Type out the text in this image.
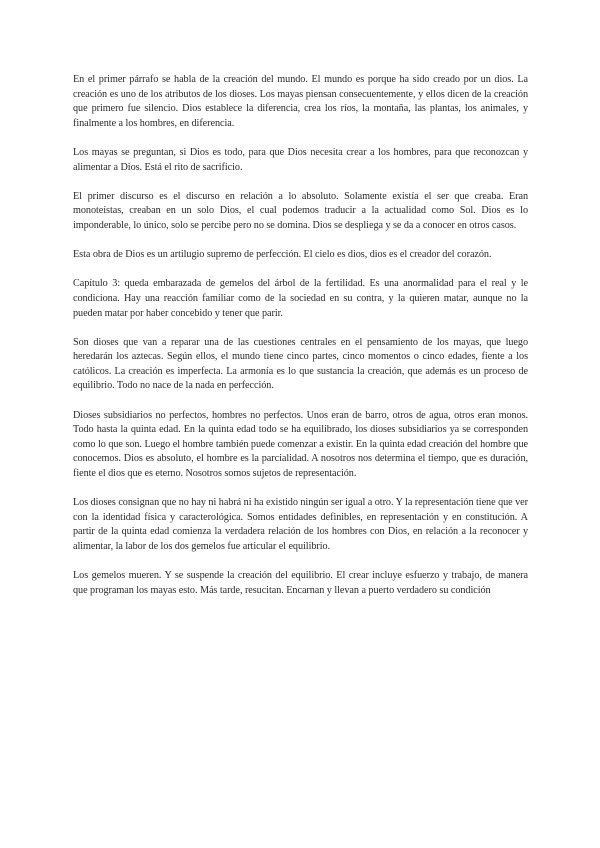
En el primer párrafo se habla de la creación del mundo. El mundo es porque ha sido creado por un dios. La creación es uno de los atributos de los dioses. Los mayas piensan consecuentemente, y ellos dicen de la creación que primero fue silencio. Dios establece la diferencia, crea los ríos, la montaña, las plantas, los animales, y finalmente a los hombres, en diferencia.

Los mayas se preguntan, si Dios es todo, para que Dios necesita crear a los hombres, para que reconozcan y alimentar a Dios. Está el rito de sacrificio.

El primer discurso es el discurso en relación a lo absoluto. Solamente existía el ser que creaba. Eran monoteístas, creaban en un solo Dios, el cual podemos traducir a la actualidad como Sol. Dios es lo imponderable, lo único, solo se percibe pero no se domina. Dios se despliega y se da a conocer en otros casos.

Esta obra de Dios es un artilugio supremo de perfección. El cielo es dios, dios es el creador del corazón.

Capítulo 3: queda embarazada de gemelos del árbol de la fertilidad. Es una anormalidad para el real y le condiciona. Hay una reacción familiar como de la sociedad en su contra, y la quieren matar, aunque no la pueden matar por haber concebido y tener que parir.

Son dioses que van a reparar una de las cuestiones centrales en el pensamiento de los mayas, que luego heredarán los aztecas. Según ellos, el mundo tiene cinco partes, cinco momentos o cinco edades, fiente a los católicos. La creación es imperfecta. La armonía es lo que sustancia la creación, que además es un proceso de equilibrio. Todo no nace de la nada en perfección.

Dioses subsidiarios no perfectos, hombres no perfectos. Unos eran de barro, otros de agua, otros eran monos. Todo hasta la quinta edad. En la quinta edad todo se ha equilibrado, los dioses subsidiarios ya se corresponden como lo que son. Luego el hombre también puede comenzar a existir. En la quinta edad creación del hombre que conocemos. Dios es absoluto, el hombre es la parcialidad. A nosotros nos determina el tiempo, que es duración, fiente el dios que es eterno. Nosotros somos sujetos de representación.

Los dioses consignan que no hay ni habrá ni ha existido ningún ser igual a otro. Y la representación tiene que ver con la identidad física y caracterológica. Somos entidades definibles, en representación y en constitución. A partir de la quinta edad comienza la verdadera relación de los hombres con Dios, en relación a la reconocer y alimentar, la labor de los dos gemelos fue articular el equilibrio.

Los gemelos mueren. Y se suspende la creación del equilibrio. El crear incluye esfuerzo y trabajo, de manera que programan los mayas esto. Más tarde, resucitan. Encarnan y llevan a puerto verdadero su condición
